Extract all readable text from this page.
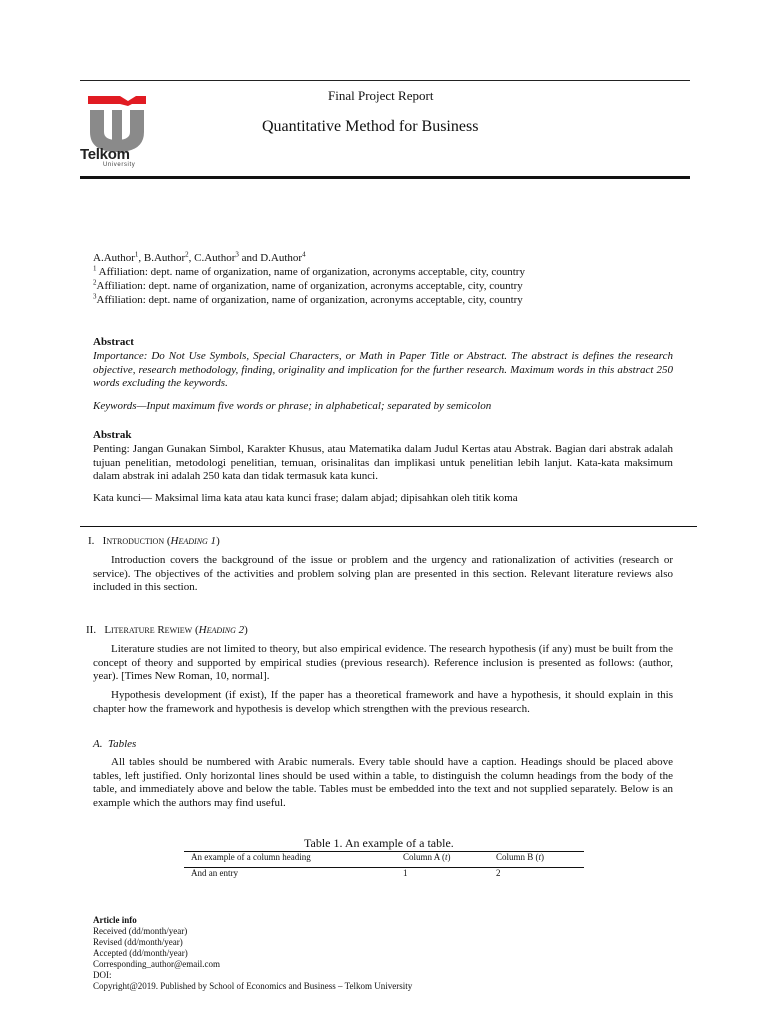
Telkom
University
Final Project Report
Quantitative Method for Business
A.Author$^1$, B.Author$^2$, C.Author$^3$ and D.Author$^4$
$^1$ Affiliation: dept. name of organization, name of organization, acronyms acceptable, city, country
$^2$Affiliation: dept. name of organization, name of organization, acronyms acceptable, city, country
$^3$Affiliation: dept. name of organization, name of organization, acronyms acceptable, city, country
Abstract
Importance: Do Not Use Symbols, Special Characters, or Math in Paper Title or Abstract. The abstract is defines the research objective, research methodology, finding, originality and implication for the further research. Maximum words in this abstract 250 words excluding the keywords.
Keywords—Input maximum five words or phrase; in alphabetical; separated by semicolon
Abstrak
Penting: Jangan Gunakan Simbol, Karakter Khusus, atau Matematika dalam Judul Kertas atau Abstrak. Bagian dari abstrak adalah tujuan penelitian, metodologi penelitian, temuan, orisinalitas dan implikasi untuk penelitian lebih lanjut. Kata-kata maksimum dalam abstrak ini adalah 250 kata dan tidak termasuk kata kunci.
Kata kunci— Maksimal lima kata atau kata kunci frase; dalam abjad; dipisahkan oleh titik koma
I. Introduction (Heading 1)
Introduction covers the background of the issue or problem and the urgency and rationalization of activities (research or service). The objectives of the activities and problem solving plan are presented in this section. Relevant literature reviews also included in this section.
II. Literature Rewiew (Heading 2)
Literature studies are not limited to theory, but also empirical evidence. The research hypothesis (if any) must be built from the concept of theory and supported by empirical studies (previous research). Reference inclusion is presented as follows: (author, year). [Times New Roman, 10, normal].
Hypothesis development (if exist), If the paper has a theoretical framework and have a hypothesis, it should explain in this chapter how the framework and hypothesis is develop which strengthen with the previous research.
A. Tables
All tables should be numbered with Arabic numerals. Every table should have a caption. Headings should be placed above tables, left justified. Only horizontal lines should be used within a table, to distinguish the column headings from the body of the table, and immediately above and below the table. Tables must be embedded into the text and not supplied separately. Below is an example which the authors may find useful.
Table 1. An example of a table.
An example of a column heading	Column A (t)	Column B (t)
And an entry	1	2
Article info
Received (dd/month/year)
Revised (dd/month/year)
Accepted (dd/month/year)
Corresponding_author@email.com
DOI:
Copyright@2019. Published by School of Economics and Business – Telkom University
